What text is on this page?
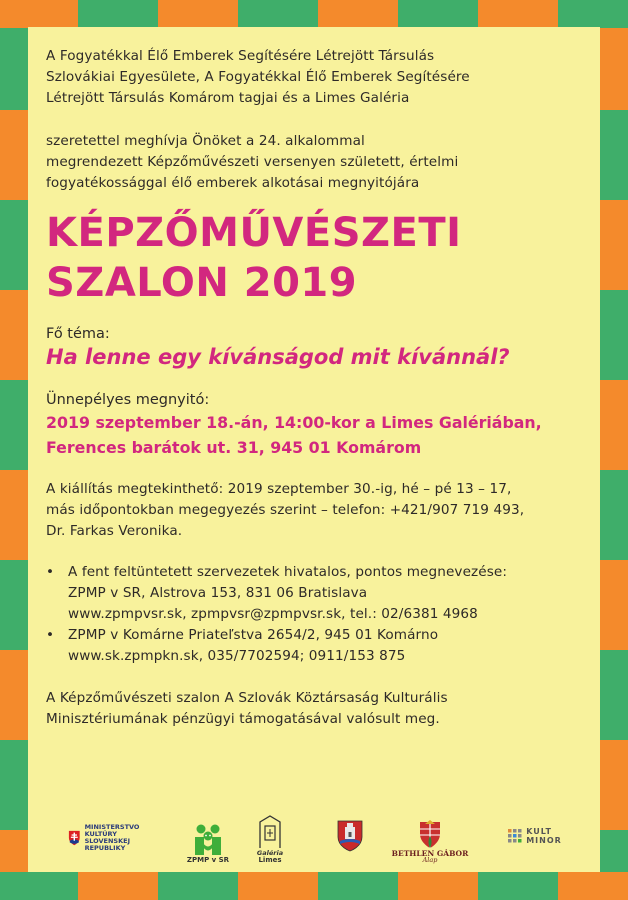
A Fogyatékkal Élő Emberek Segítésére Létrejött Társulás

Szlovákiai Egyesülete, A Fogyatékkal Élő Emberek Segítésére

Létrejött Társulás Komárom tagjai és a Limes Galéria

szeretettel meghívja Önöket a 24. alkalommal

megrendezett Képzőművészeti versenyen született, értelmi

fogyatékossággal élő emberek alkotásai megnyitójára

KÉPZŐMŰVÉSZETI

SZALON 2019

Fő téma:

Ha lenne egy kívánságod mit kívánnál?

Ünnepélyes megnyitó:

2019 szeptember 18.-án, 14:00-kor a Limes Galériában,

Ferences barátok ut. 31, 945 01 Komárom

A kiállítás megtekinthető: 2019 szeptember 30.-ig, hé – pé 13 – 17,

más időpontokban megegyezés szerint – telefon: +421/907 719 493,

Dr. Farkas Veronika.

• A fent feltüntetett szervezetek hivatalos, pontos megnevezése:

ZPMP v SR, Alstrova 153, 831 06 Bratislava

www.zpmpvsr.sk, zpmpvsr@zpmpvsr.sk, tel.: 02/6381 4968

• ZPMP v Komárne Priateľstva 2654/2, 945 01 Komárno

www.sk.zpmpkn.sk, 035/7702594; 0911/153 875

A Képzőművészeti szalon A Szlovák Köztársaság Kulturális

Minisztériumának pénzügyi támogatásával valósult meg.

MINISTERSTVO
KULTÚRY
SLOVENSKEJ REPUBLIKY
ZPMP v SR
Galéria
Limes
BETHLEN GÁBOR
Alap
KULT
MINOR
